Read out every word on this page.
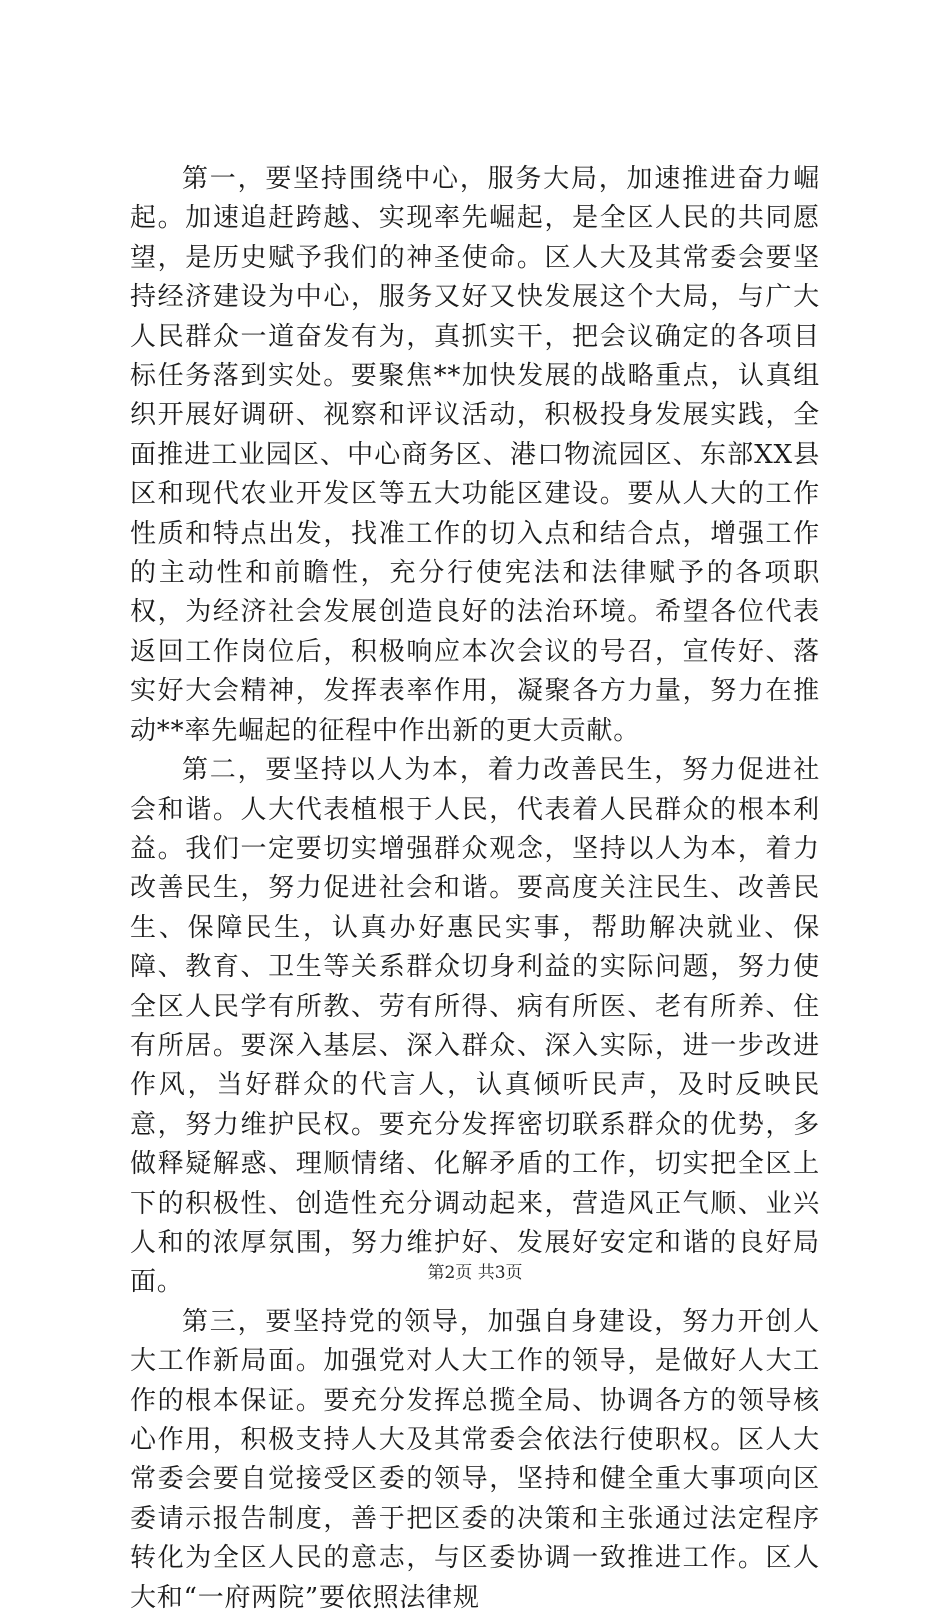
第一，要坚持围绕中心，服务大局，加速推进奋力崛起。加速追赶跨越、实现率先崛起，是全区人民的共同愿望，是历史赋予我们的神圣使命。区人大及其常委会要坚持经济建设为中心，服务又好又快发展这个大局，与广大人民群众一道奋发有为，真抓实干，把会议确定的各项目标任务落到实处。要聚焦**加快发展的战略重点，认真组织开展好调研、视察和评议活动，积极投身发展实践，全面推进工业园区、中心商务区、港口物流园区、东部XX县区和现代农业开发区等五大功能区建设。要从人大的工作性质和特点出发，找准工作的切入点和结合点，增强工作的主动性和前瞻性，充分行使宪法和法律赋予的各项职权，为经济社会发展创造良好的法治环境。希望各位代表返回工作岗位后，积极响应本次会议的号召，宣传好、落实好大会精神，发挥表率作用，凝聚各方力量，努力在推动**率先崛起的征程中作出新的更大贡献。

第二，要坚持以人为本，着力改善民生，努力促进社会和谐。人大代表植根于人民，代表着人民群众的根本利益。我们一定要切实增强群众观念，坚持以人为本，着力改善民生，努力促进社会和谐。要高度关注民生、改善民生、保障民生，认真办好惠民实事，帮助解决就业、保障、教育、卫生等关系群众切身利益的实际问题，努力使全区人民学有所教、劳有所得、病有所医、老有所养、住有所居。要深入基层、深入群众、深入实际，进一步改进作风，当好群众的代言人，认真倾听民声，及时反映民意，努力维护民权。要充分发挥密切联系群众的优势，多做释疑解惑、理顺情绪、化解矛盾的工作，切实把全区上下的积极性、创造性充分调动起来，营造风正气顺、业兴人和的浓厚氛围，努力维护好、发展好安定和谐的良好局面。

第三，要坚持党的领导，加强自身建设，努力开创人大工作新局面。加强党对人大工作的领导，是做好人大工作的根本保证。要充分发挥总揽全局、协调各方的领导核心作用，积极支持人大及其常委会依法行使职权。区人大常委会要自觉接受区委的领导，坚持和健全重大事项向区委请示报告制度，善于把区委的决策和主张通过法定程序转化为全区人民的意志，与区委协调一致推进工作。区人大和“一府两院”要依照法律规

第2页 共3页
